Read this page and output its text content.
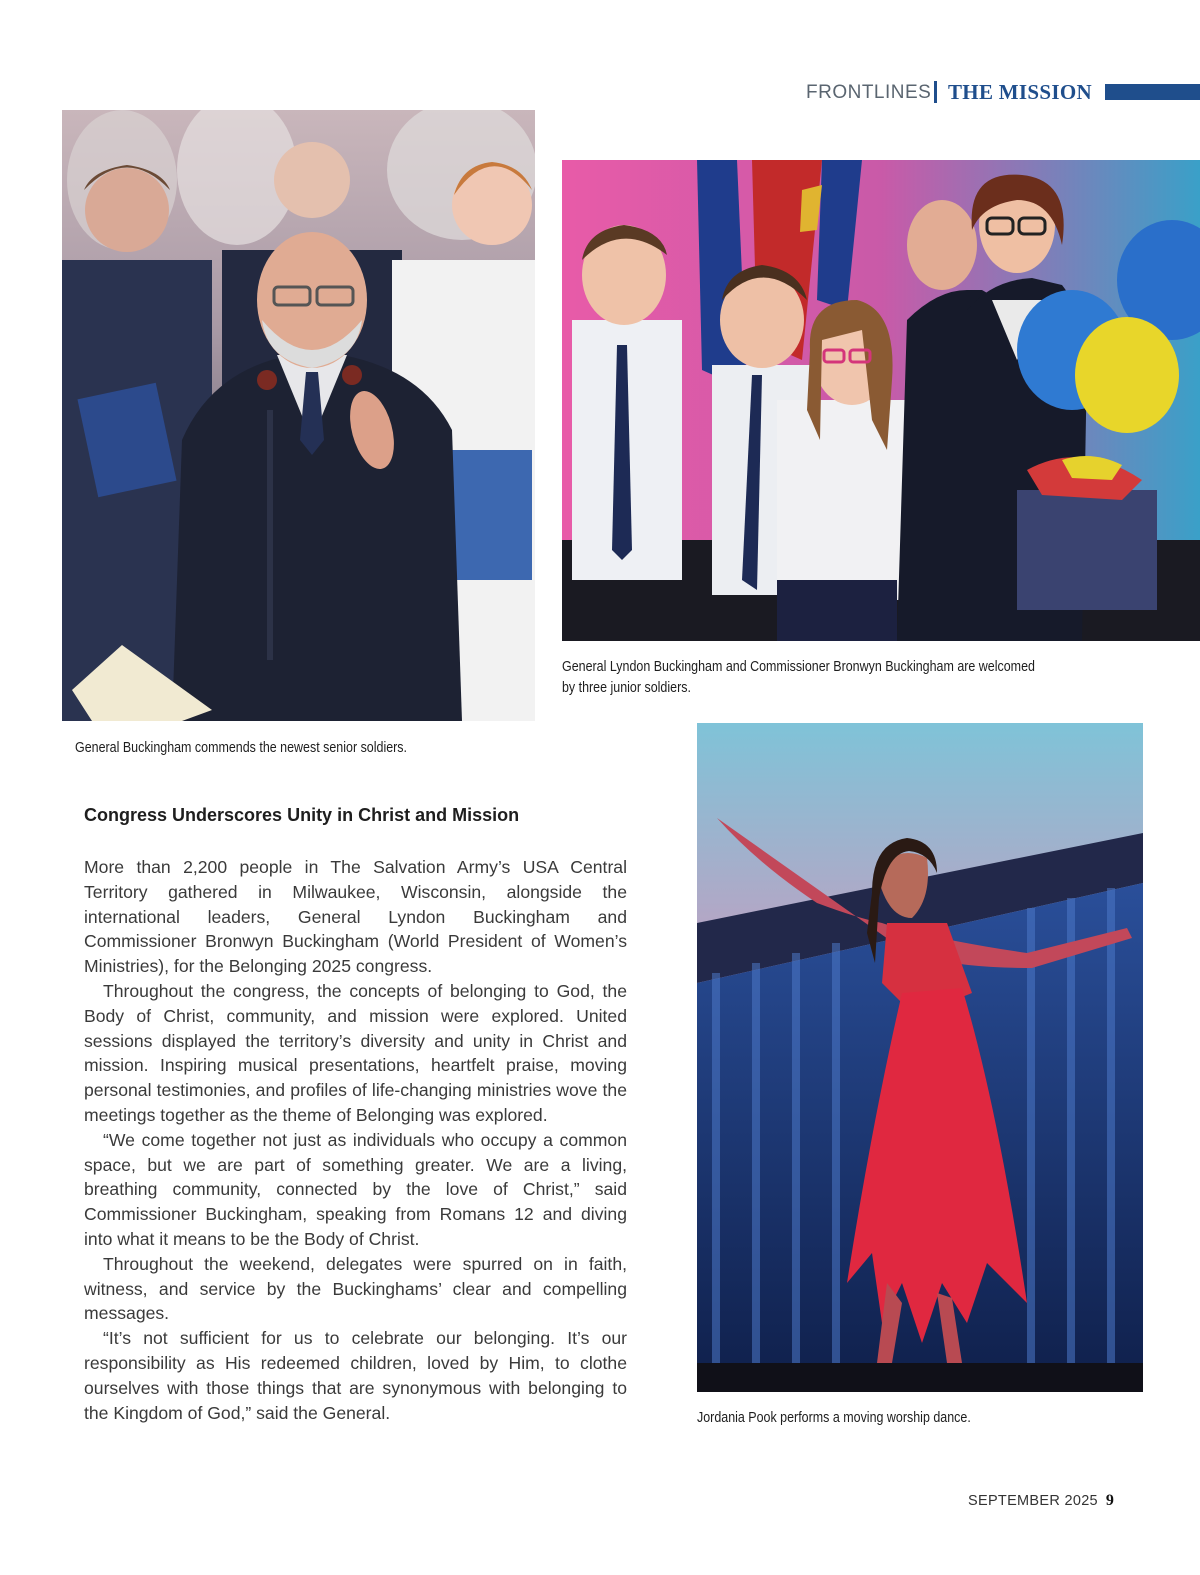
FRONTLINES THE MISSION
General Buckingham commends the newest senior soldiers.
General Lyndon Buckingham and Commissioner Bronwyn Buckingham are welcomed
by three junior soldiers.
Jordania Pook performs a moving worship dance.
Congress Underscores Unity in Christ and Mission

More than 2,200 people in The Salvation Army’s USA Central Territory gathered in Milwaukee, Wisconsin, alongside the international leaders, General Lyndon Buckingham and Commissioner Bronwyn Buckingham (World President of Women’s Ministries), for the Belonging 2025 congress.

Throughout the congress, the concepts of belonging to God, the Body of Christ, community, and mission were explored. United sessions displayed the territory’s diversity and unity in Christ and mission. Inspiring musical presentations, heartfelt praise, moving personal testimonies, and profiles of life-changing ministries wove the meetings together as the theme of Belonging was explored.

“We come together not just as individuals who occupy a common space, but we are part of something greater. We are a living, breathing community, connected by the love of Christ,” said Commissioner Buckingham, speaking from Romans 12 and diving into what it means to be the Body of Christ.

Throughout the weekend, delegates were spurred on in faith, witness, and service by the Buckinghams’ clear and compelling messages.

“It’s not sufficient for us to celebrate our belonging. It’s our responsibility as His redeemed children, loved by Him, to clothe ourselves with those things that are synonymous with belonging to the Kingdom of God,” said the General.

SEPTEMBER 2025 9
